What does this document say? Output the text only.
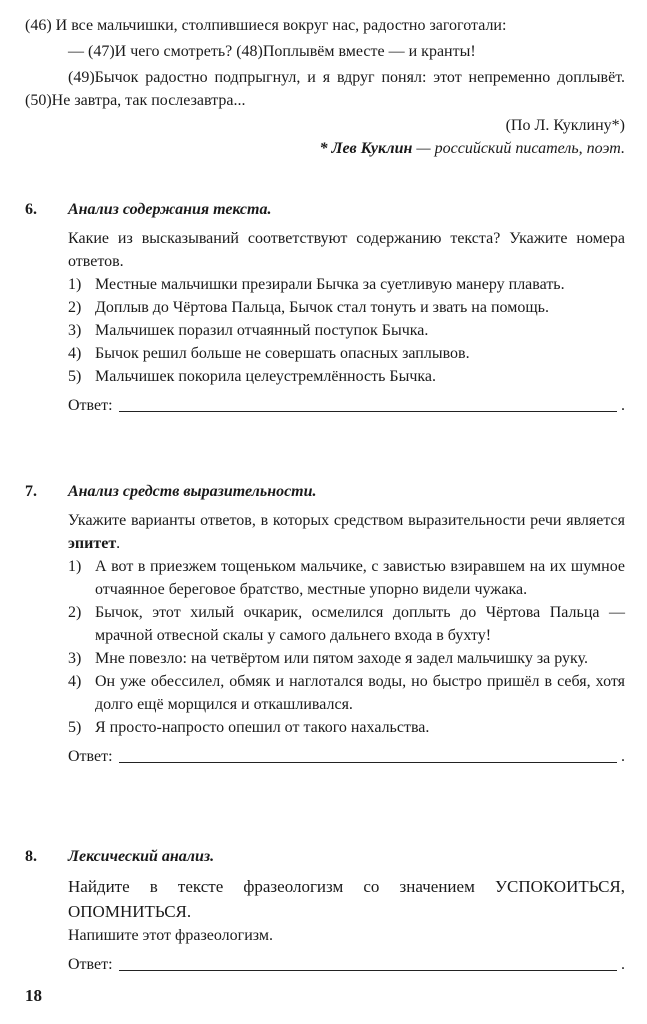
(46) И все мальчишки, столпившиеся вокруг нас, радостно загоготали:

— (47)И чего смотреть? (48)Поплывём вместе — и кранты!

(49)Бычок радостно подпрыгнул, и я вдруг понял: этот непременно доплывёт. (50)Не завтра, так послезавтра...

(По Л. Куклину*)

* Лев Куклин — российский писатель, поэт.

6.	Анализ содержания текста.

Какие из высказываний соответствуют содержанию текста? Укажите номера ответов.

1) Местные мальчишки презирали Бычка за суетливую манеру плавать.
2) Доплыв до Чёртова Пальца, Бычок стал тонуть и звать на помощь.
3) Мальчишек поразил отчаянный поступок Бычка.
4) Бычок решил больше не совершать опасных заплывов.
5) Мальчишек покорила целеустремлённость Бычка.
Ответ:	.
7.	Анализ средств выразительности.

Укажите варианты ответов, в которых средством выразительности речи является эпитет.

1) А вот в приезжем тощеньком мальчике, с завистью взиравшем на их шумное отчаянное береговое братство, местные упорно видели чужака.
2) Бычок, этот хилый очкарик, осмелился доплыть до Чёртова Пальца — мрачной отвесной скалы у самого дальнего входа в бухту!
3) Мне повезло: на четвёртом или пятом заходе я задел мальчишку за руку.
4) Он уже обессилел, обмяк и наглотался воды, но быстро пришёл в себя, хотя долго ещё морщился и откашливался.
5) Я просто-напросто опешил от такого нахальства.
Ответ:	.
8.	Лексический анализ.

Найдите в тексте фразеологизм со значением УСПОКОИТЬСЯ, ОПОМНИТЬСЯ.

Напишите этот фразеологизм.

Ответ:	.
18
